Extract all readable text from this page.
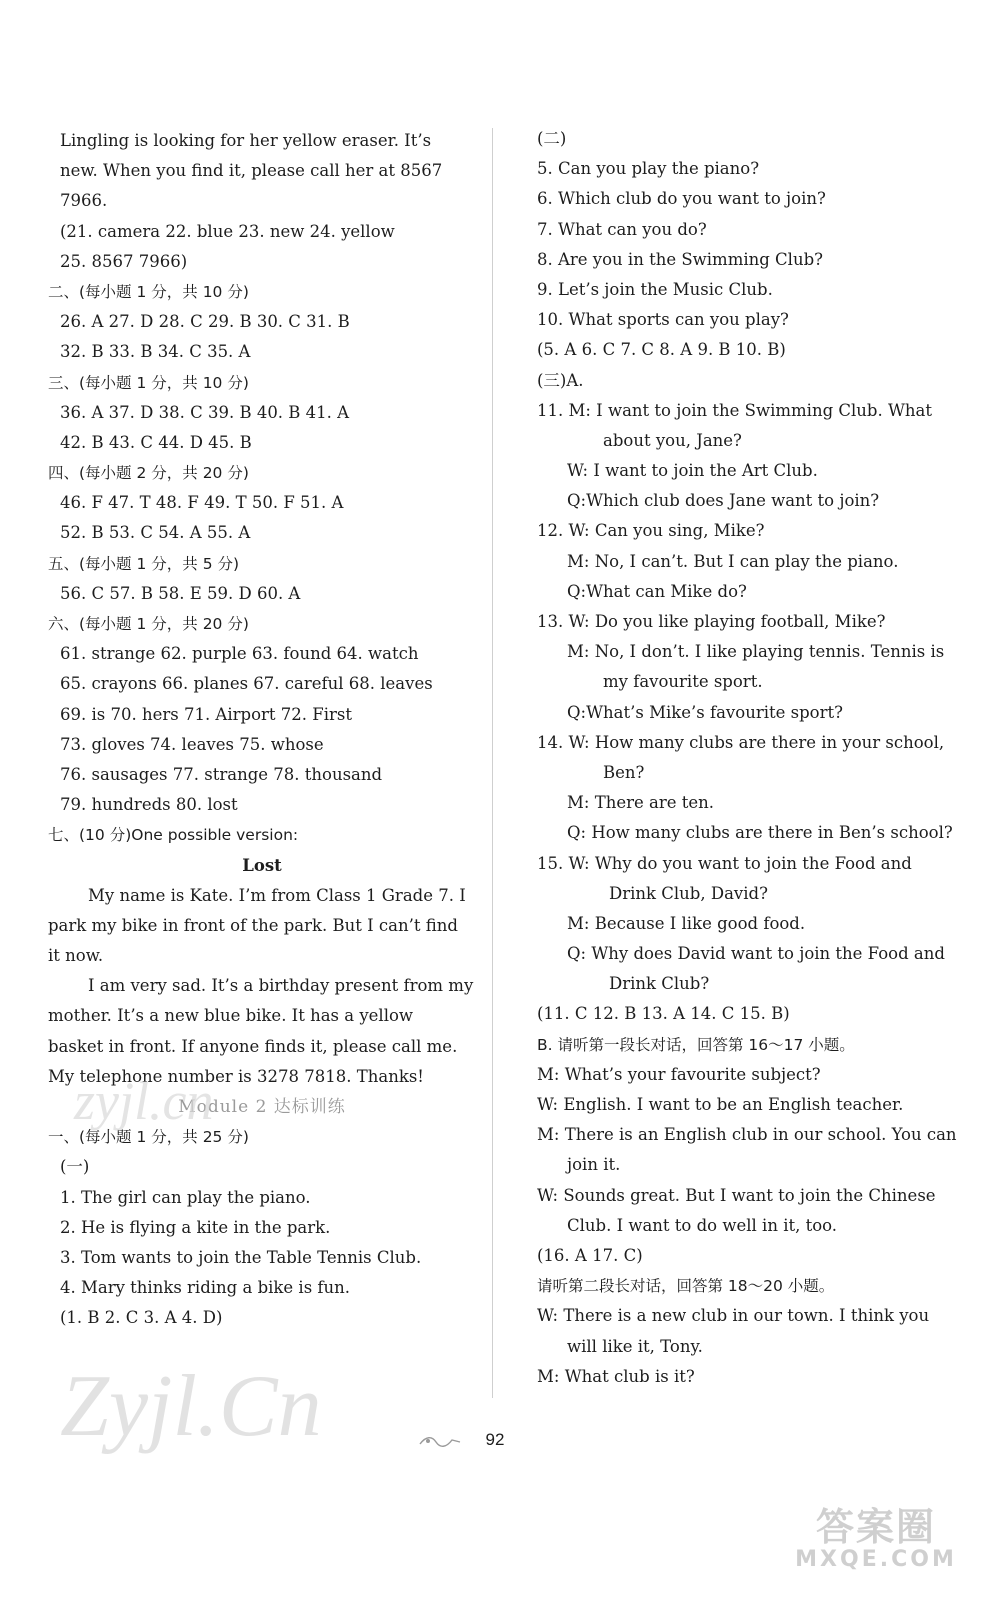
Lingling is looking for her yellow eraser. It’s
new. When you find it, please call her at 8567
7966.
(21. camera 22. blue 23. new 24. yellow
25. 8567 7966)
二、(每小题 1 分，共 10 分)
26. A 27. D 28. C 29. B 30. C 31. B
32. B 33. B 34. C 35. A
三、(每小题 1 分，共 10 分)
36. A 37. D 38. C 39. B 40. B 41. A
42. B 43. C 44. D 45. B
四、(每小题 2 分，共 20 分)
46. F 47. T 48. F 49. T 50. F 51. A
52. B 53. C 54. A 55. A
五、(每小题 1 分，共 5 分)
56. C 57. B 58. E 59. D 60. A
六、(每小题 1 分，共 20 分)
61. strange 62. purple 63. found 64. watch
65. crayons 66. planes 67. careful 68. leaves
69. is 70. hers 71. Airport 72. First
73. gloves 74. leaves 75. whose
76. sausages 77. strange 78. thousand
79. hundreds 80. lost
七、(10 分)One possible version:
Lost
My name is Kate. I’m from Class 1 Grade 7. I
park my bike in front of the park. But I can’t find
it now.
I am very sad. It’s a birthday present from my
mother. It’s a new blue bike. It has a yellow
basket in front. If anyone finds it, please call me.
My telephone number is 3278 7818. Thanks!
Module 2 达标训练
一、(每小题 1 分，共 25 分)
(一)
1. The girl can play the piano.
2. He is flying a kite in the park.
3. Tom wants to join the Table Tennis Club.
4. Mary thinks riding a bike is fun.
(1. B 2. C 3. A 4. D)
(二)
5. Can you play the piano?
6. Which club do you want to join?
7. What can you do?
8. Are you in the Swimming Club?
9. Let’s join the Music Club.
10. What sports can you play?
(5. A 6. C 7. C 8. A 9. B 10. B)
(三)A.
11. M: I want to join the Swimming Club. What
about you, Jane?
W: I want to join the Art Club.
Q:Which club does Jane want to join?
12. W: Can you sing, Mike?
M: No, I can’t. But I can play the piano.
Q:What can Mike do?
13. W: Do you like playing football, Mike?
M: No, I don’t. I like playing tennis. Tennis is
my favourite sport.
Q:What’s Mike’s favourite sport?
14. W: How many clubs are there in your school,
Ben?
M: There are ten.
Q: How many clubs are there in Ben’s school?
15. W: Why do you want to join the Food and
Drink Club, David?
M: Because I like good food.
Q: Why does David want to join the Food and
Drink Club?
(11. C 12. B 13. A 14. C 15. B)
B. 请听第一段长对话，回答第 16～17 小题。
M: What’s your favourite subject?
W: English. I want to be an English teacher.
M: There is an English club in our school. You can
join it.
W: Sounds great. But I want to join the Chinese
Club. I want to do well in it, too.
(16. A 17. C)
请听第二段长对话，回答第 18～20 小题。
W: There is a new club in our town. I think you
will like it, Tony.
M: What club is it?
zyjl.cn
Zyjl.Cn	92
答案圈
MXQE.COM
